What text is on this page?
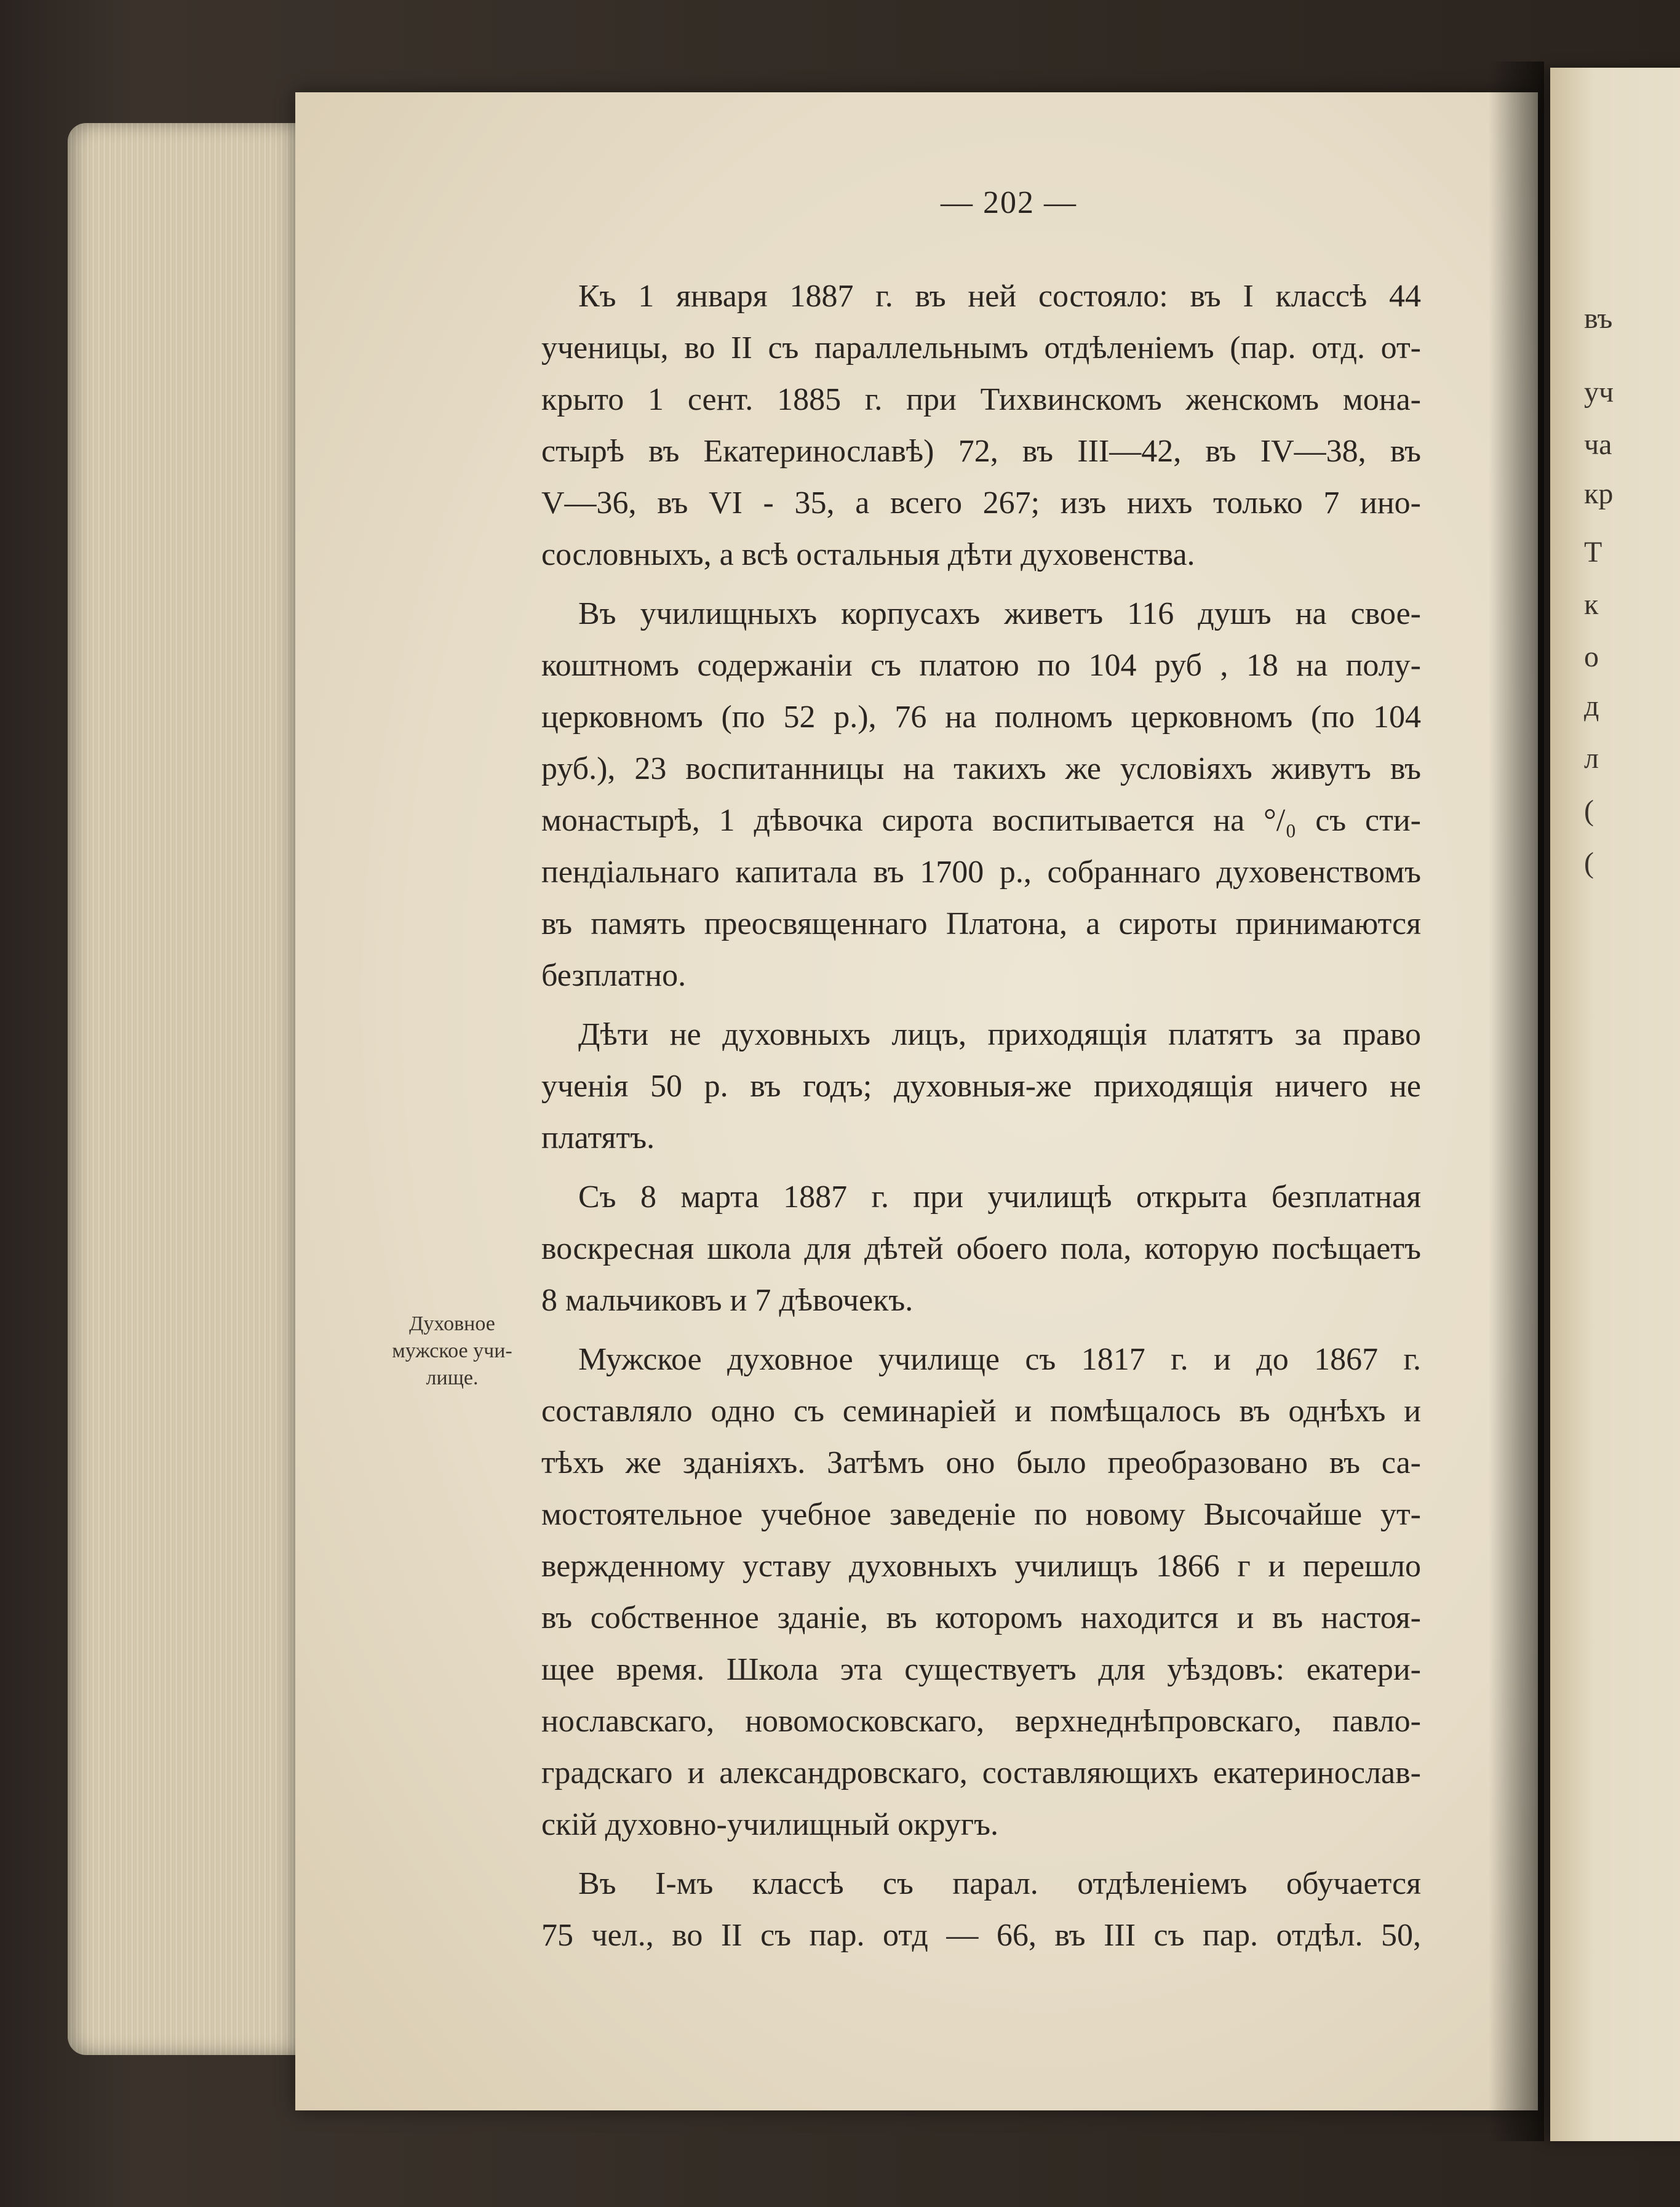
— 202 —
Къ 1 января 1887 г. въ ней состояло: въ I классѣ 44
ученицы, во II съ параллельнымъ отдѣленіемъ (пар. отд. от-
крыто 1 сент. 1885 г. при Тихвинскомъ женскомъ мона-
стырѣ въ Екатеринославѣ) 72, въ III—42, въ IV—38, въ
V—36, въ VI - 35, а всего 267; изъ нихъ только 7 ино-
сословныхъ, а всѣ остальныя дѣти духовенства.
Въ училищныхъ корпусахъ живетъ 116 душъ на свое-
коштномъ содержаніи съ платою по 104 руб , 18 на полу-
церковномъ (по 52 р.), 76 на полномъ церковномъ (по 104
руб.), 23 воспитанницы на такихъ же условіяхъ живутъ въ
монастырѣ, 1 дѣвочка сирота воспитывается на °/₀ съ сти-
пендіальнаго капитала въ 1700 р., собраннаго духовенствомъ
въ память преосвященнаго Платона, а сироты принимаются
безплатно.
Дѣти не духовныхъ лицъ, приходящія платятъ за право
ученія 50 р. въ годъ; духовныя-же приходящія ничего не
платятъ.
Съ 8 марта 1887 г. при училищѣ открыта безплатная
воскресная школа для дѣтей обоего пола, которую посѣщаетъ
8 мальчиковъ и 7 дѣвочекъ.
Мужское духовное училище съ 1817 г. и до 1867 г.
составляло одно съ семинаріей и помѣщалось въ однѣхъ и
тѣхъ же зданіяхъ. Затѣмъ оно было преобразовано въ са-
мостоятельное учебное заведеніе по новому Высочайше ут-
вержденному уставу духовныхъ училищъ 1866 г и перешло
въ собственное зданіе, въ которомъ находится и въ настоя-
щее время. Школа эта существуетъ для уѣздовъ: екатери-
нославскаго, новомосковскаго, верхнеднѣпровскаго, павло-
градскаго и александровскаго, составляющихъ екатеринослав-
скій духовно-училищный округъ.
Въ I-мъ классѣ съ парал. отдѣленіемъ обучается
75 чел., во II съ пар. отд — 66, въ III съ пар. отдѣл. 50,
Духовное
мужское учи-
лище.
въ
уч
ча
кр
Т
к
о
д
л
(
(
